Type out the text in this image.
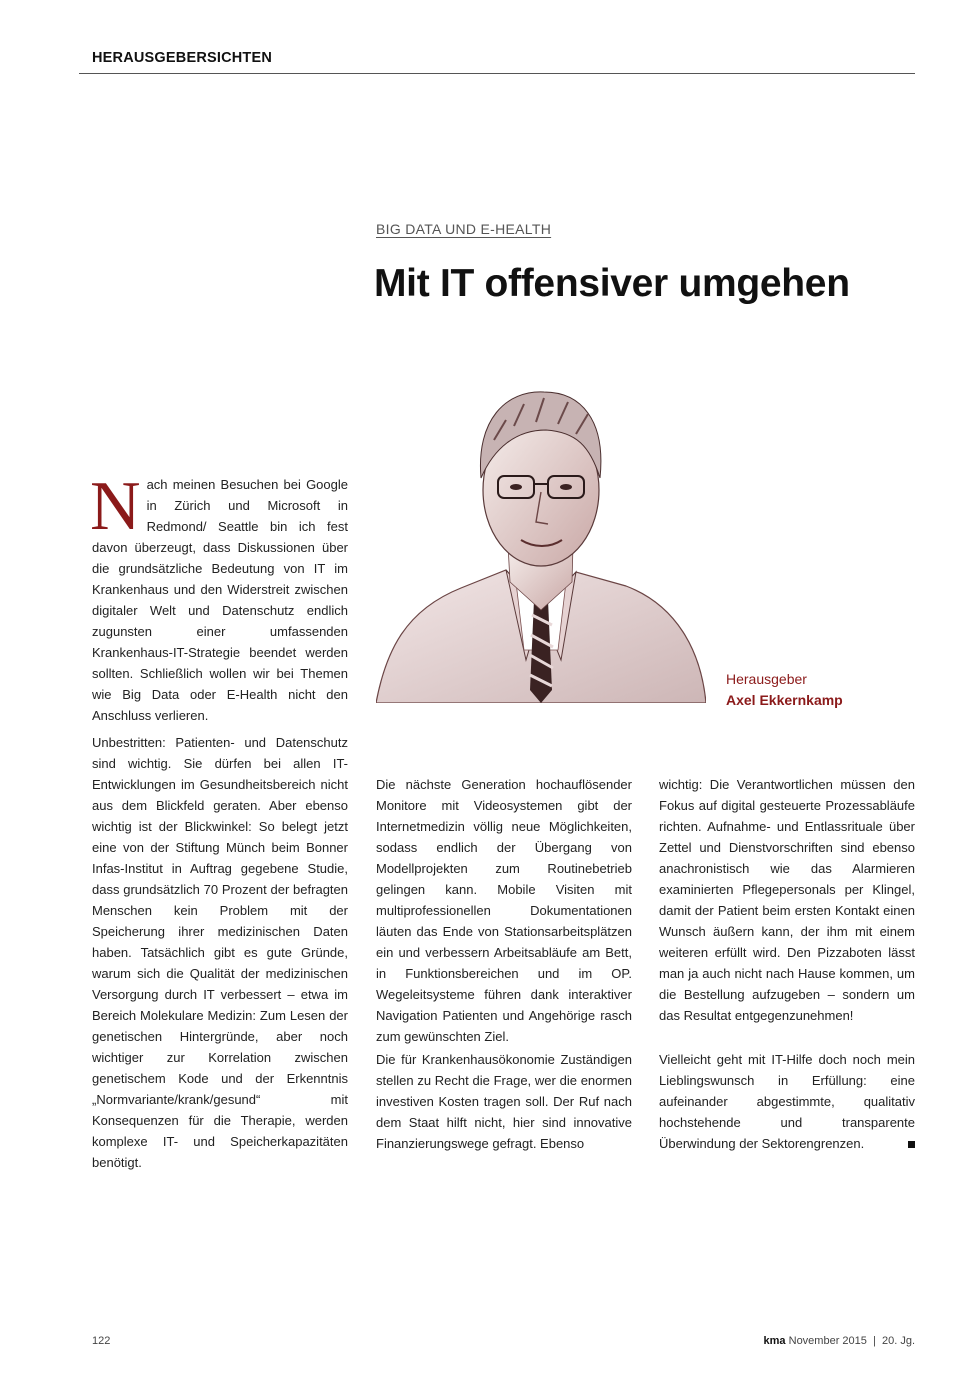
HERAUSGEBERSICHTEN
BIG DATA UND E-HEALTH
Mit IT offensiver umgehen
Herausgeber
Axel Ekkernkamp

Nach meinen Besuchen bei Google in Zürich und Microsoft in Redmond/ Seattle bin ich fest davon überzeugt, dass Diskussionen über die grundsätzliche Bedeutung von IT im Krankenhaus und den Widerstreit zwischen digitaler Welt und Datenschutz endlich zugunsten einer umfassenden Krankenhaus-IT-Strategie beendet werden sollten. Schließlich wollen wir bei Themen wie Big Data oder E-Health nicht den Anschluss verlieren.

Unbestritten: Patienten- und Datenschutz sind wichtig. Sie dürfen bei allen IT-Entwicklungen im Gesundheitsbereich nicht aus dem Blickfeld geraten. Aber ebenso wichtig ist der Blickwinkel: So belegt jetzt eine von der Stiftung Münch beim Bonner Infas-Institut in Auftrag gegebene Studie, dass grundsätzlich 70 Prozent der befragten Menschen kein Problem mit der Speicherung ihrer medizinischen Daten haben. Tatsächlich gibt es gute Gründe, warum sich die Qualität der medizinischen Versorgung durch IT verbessert – etwa im Bereich Molekulare Medizin: Zum Lesen der genetischen Hintergründe, aber noch wichtiger zur Korrelation zwischen genetischem Kode und der Erkenntnis „Normvariante/krank/gesund“ mit Konsequenzen für die Therapie, werden komplexe IT- und Speicherkapazitäten benötigt.

Die nächste Generation hochauflösender Monitore mit Videosystemen gibt der Internetmedizin völlig neue Möglichkeiten, sodass endlich der Übergang von Modellprojekten zum Routinebetrieb gelingen kann. Mobile Visiten mit multiprofessionellen Dokumentationen läuten das Ende von Stationsarbeitsplätzen ein und verbessern Arbeitsabläufe am Bett, in Funktionsbereichen und im OP. Wegeleitsysteme führen dank interaktiver Navigation Patienten und Angehörige rasch zum gewünschten Ziel.

Die für Krankenhausökonomie Zuständigen stellen zu Recht die Frage, wer die enormen investiven Kosten tragen soll. Der Ruf nach dem Staat hilft nicht, hier sind innovative Finanzierungswege gefragt. Ebenso

wichtig: Die Verantwortlichen müssen den Fokus auf digital gesteuerte Prozessabläufe richten. Aufnahme- und Entlassrituale über Zettel und Dienstvorschriften sind ebenso anachronistisch wie das Alarmieren examinierten Pflegepersonals per Klingel, damit der Patient beim ersten Kontakt einen Wunsch äußern kann, der ihm mit einem weiteren erfüllt wird. Den Pizzaboten lässt man ja auch nicht nach Hause kommen, um die Bestellung aufzugeben – sondern um das Resultat entgegenzunehmen!

Vielleicht geht mit IT-Hilfe doch noch mein Lieblingswunsch in Erfüllung: eine aufeinander abgestimmte, qualitativ hochstehende und transparente Überwindung der Sektorengrenzen.

122	kma November 2015  |  20. Jg.
